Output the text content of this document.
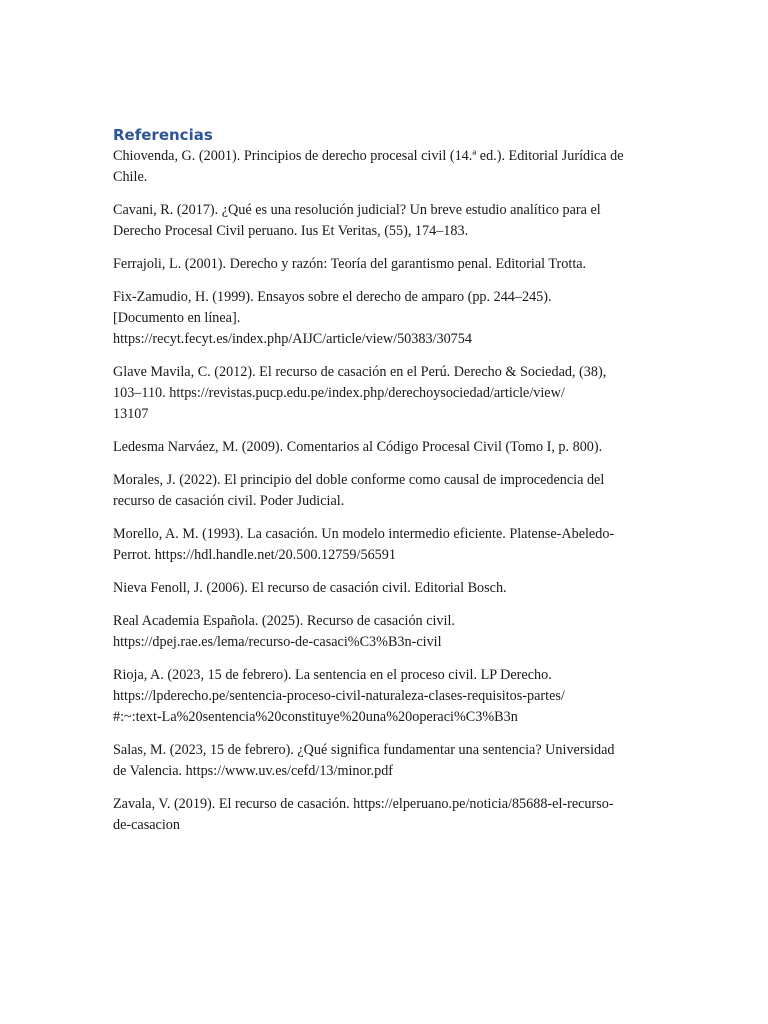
Referencias

Chiovenda, G. (2001). Principios de derecho procesal civil (14.ª ed.). Editorial Jurídica de
Chile.

Cavani, R. (2017). ¿Qué es una resolución judicial? Un breve estudio analítico para el
Derecho Procesal Civil peruano. Ius Et Veritas, (55), 174–183.

Ferrajoli, L. (2001). Derecho y razón: Teoría del garantismo penal. Editorial Trotta.

Fix-Zamudio, H. (1999). Ensayos sobre el derecho de amparo (pp. 244–245).
[Documento en línea].
https://recyt.fecyt.es/index.php/AIJC/article/view/50383/30754

Glave Mavila, C. (2012). El recurso de casación en el Perú. Derecho & Sociedad, (38),
103–110. https://revistas.pucp.edu.pe/index.php/derechoysociedad/article/view/
13107

Ledesma Narváez, M. (2009). Comentarios al Código Procesal Civil (Tomo I, p. 800).

Morales, J. (2022). El principio del doble conforme como causal de improcedencia del
recurso de casación civil. Poder Judicial.

Morello, A. M. (1993). La casación. Un modelo intermedio eficiente. Platense-Abeledo-
Perrot. https://hdl.handle.net/20.500.12759/56591

Nieva Fenoll, J. (2006). El recurso de casación civil. Editorial Bosch.

Real Academia Española. (2025). Recurso de casación civil.
https://dpej.rae.es/lema/recurso-de-casaci%C3%B3n-civil

Rioja, A. (2023, 15 de febrero). La sentencia en el proceso civil. LP Derecho.
https://lpderecho.pe/sentencia-proceso-civil-naturaleza-clases-requisitos-partes/
#:~:text-La%20sentencia%20constituye%20una%20operaci%C3%B3n

Salas, M. (2023, 15 de febrero). ¿Qué significa fundamentar una sentencia? Universidad
de Valencia. https://www.uv.es/cefd/13/minor.pdf

Zavala, V. (2019). El recurso de casación. https://elperuano.pe/noticia/85688-el-recurso-
de-casacion
